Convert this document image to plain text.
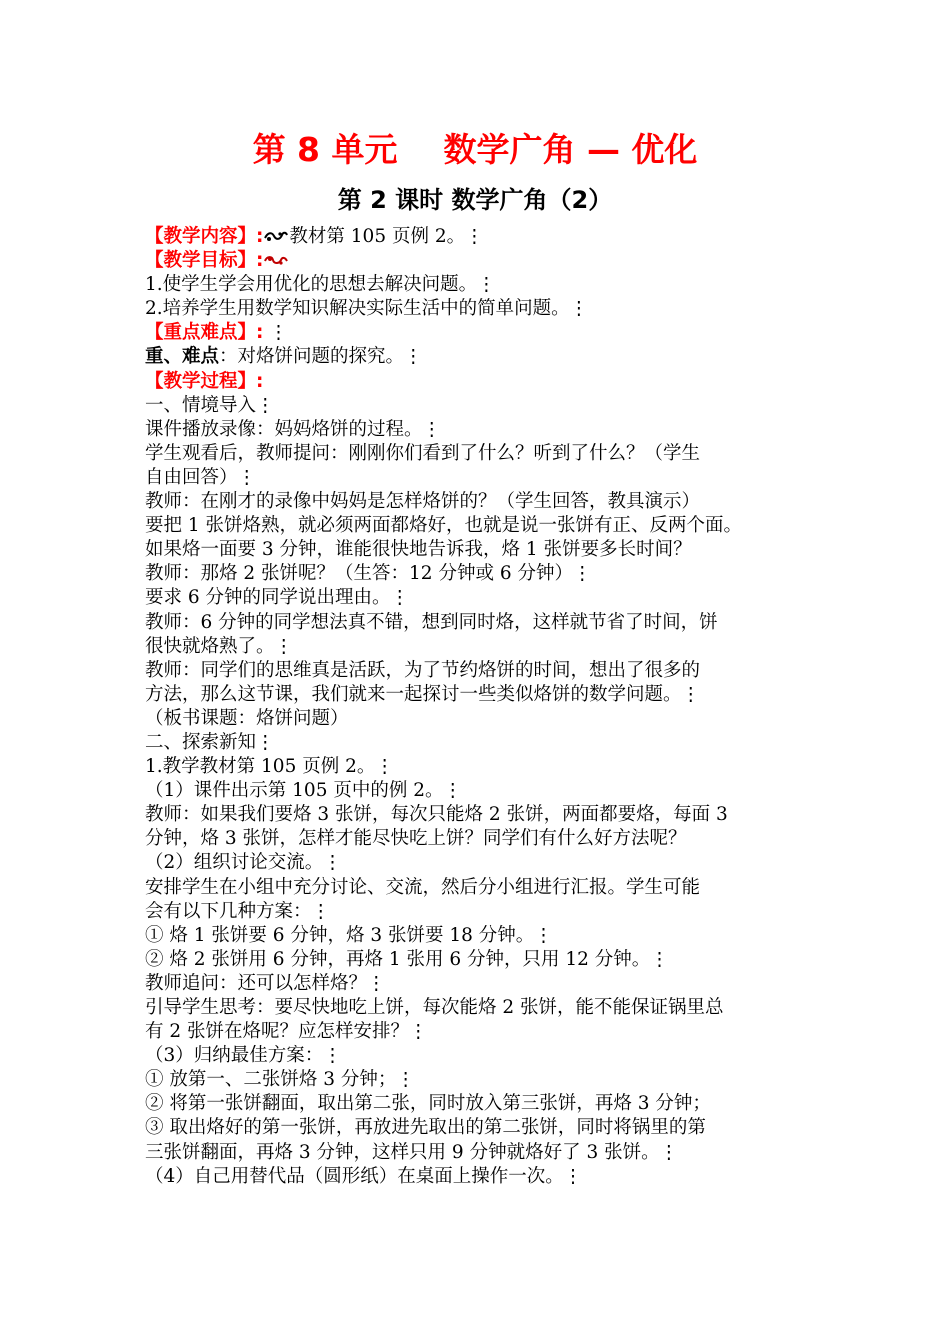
第 8 单元    数学广角 — 优化
第 2 课时 数学广角（2）
【教学内容】: 教材第 105 页例 2。⋮
【教学目标】:
1.使学生学会用优化的思想去解决问题。⋮
2.培养学生用数学知识解决实际生活中的简单问题。⋮
【重点难点】: ⋮
重、难点：对烙饼问题的探究。⋮
【教学过程】:
一、情境导入⋮
课件播放录像：妈妈烙饼的过程。⋮
学生观看后，教师提问：刚刚你们看到了什么？听到了什么？（学生
自由回答）⋮
教师：在刚才的录像中妈妈是怎样烙饼的？（学生回答，教具演示）
要把 1 张饼烙熟，就必须两面都烙好，也就是说一张饼有正、反两个面。
如果烙一面要 3 分钟，谁能很快地告诉我，烙 1 张饼要多长时间？
教师：那烙 2 张饼呢？（生答：12 分钟或 6 分钟）⋮
要求 6 分钟的同学说出理由。⋮
教师：6 分钟的同学想法真不错，想到同时烙，这样就节省了时间，饼
很快就烙熟了。⋮
教师：同学们的思维真是活跃，为了节约烙饼的时间，想出了很多的
方法，那么这节课，我们就来一起探讨一些类似烙饼的数学问题。⋮
（板书课题：烙饼问题）
二、探索新知⋮
1.教学教材第 105 页例 2。⋮
（1）课件出示第 105 页中的例 2。⋮
教师：如果我们要烙 3 张饼，每次只能烙 2 张饼，两面都要烙，每面 3
分钟，烙 3 张饼，怎样才能尽快吃上饼？同学们有什么好方法呢？
（2）组织讨论交流。⋮
安排学生在小组中充分讨论、交流，然后分小组进行汇报。学生可能
会有以下几种方案：⋮
① 烙 1 张饼要 6 分钟，烙 3 张饼要 18 分钟。⋮
② 烙 2 张饼用 6 分钟，再烙 1 张用 6 分钟，只用 12 分钟。⋮
教师追问：还可以怎样烙？⋮
引导学生思考：要尽快地吃上饼，每次能烙 2 张饼，能不能保证锅里总
有 2 张饼在烙呢？应怎样安排？⋮
（3）归纳最佳方案：⋮
① 放第一、二张饼烙 3 分钟；⋮
② 将第一张饼翻面，取出第二张，同时放入第三张饼，再烙 3 分钟；
③ 取出烙好的第一张饼，再放进先取出的第二张饼，同时将锅里的第
三张饼翻面，再烙 3 分钟，这样只用 9 分钟就烙好了 3 张饼。⋮
（4）自己用替代品（圆形纸）在桌面上操作一次。⋮
